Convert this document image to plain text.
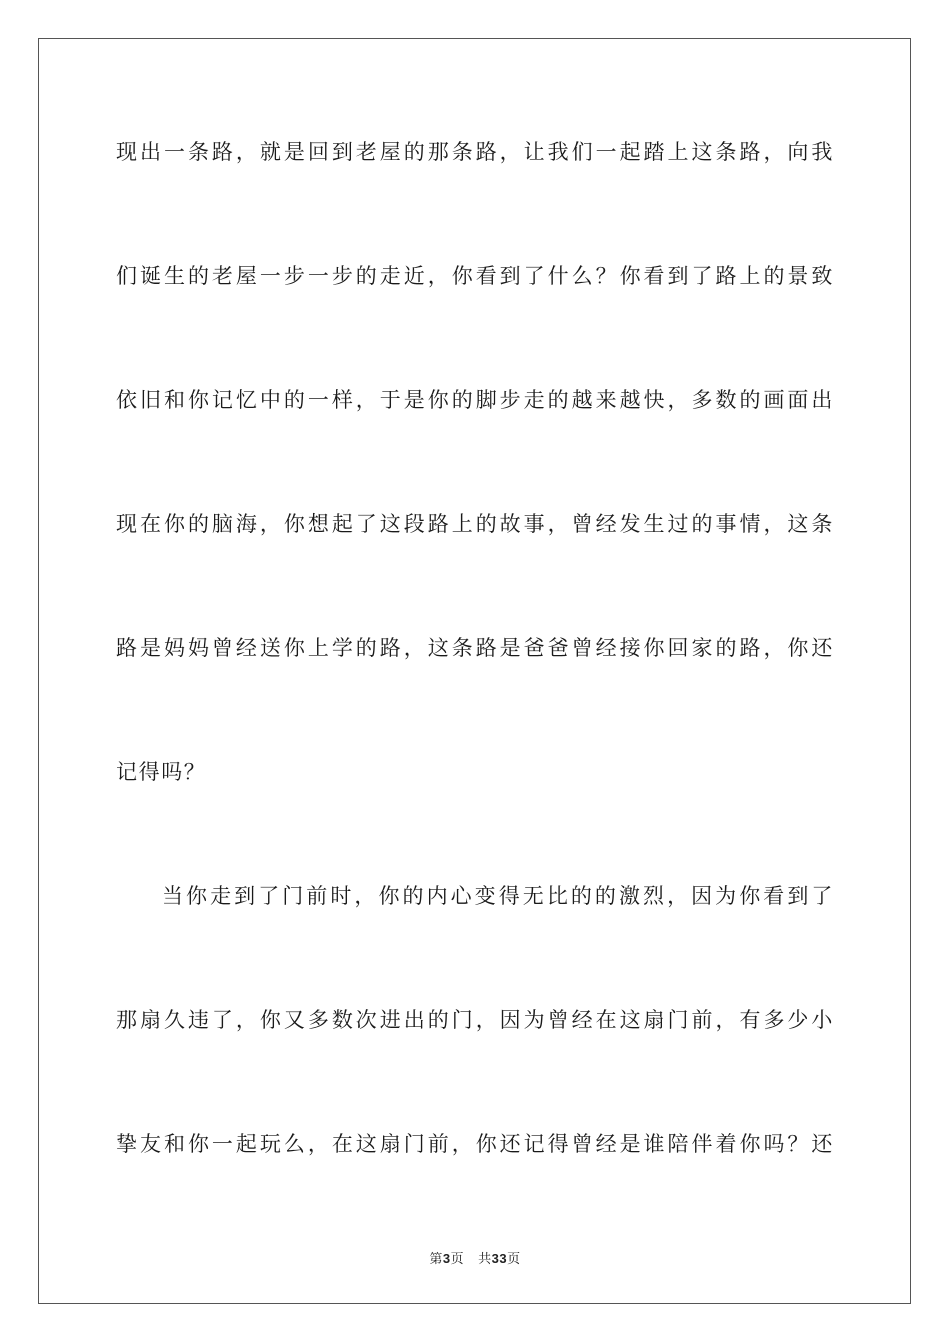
现出一条路，就是回到老屋的那条路，让我们一起踏上这条路，向我
们诞生的老屋一步一步的走近，你看到了什么？你看到了路上的景致
依旧和你记忆中的一样，于是你的脚步走的越来越快，多数的画面出
现在你的脑海，你想起了这段路上的故事，曾经发生过的事情，这条
路是妈妈曾经送你上学的路，这条路是爸爸曾经接你回家的路，你还
记得吗？
当你走到了门前时，你的内心变得无比的的激烈，因为你看到了
那扇久违了，你又多数次进出的门，因为曾经在这扇门前，有多少小
挚友和你一起玩么，在这扇门前，你还记得曾经是谁陪伴着你吗？还
第3页 共33页
